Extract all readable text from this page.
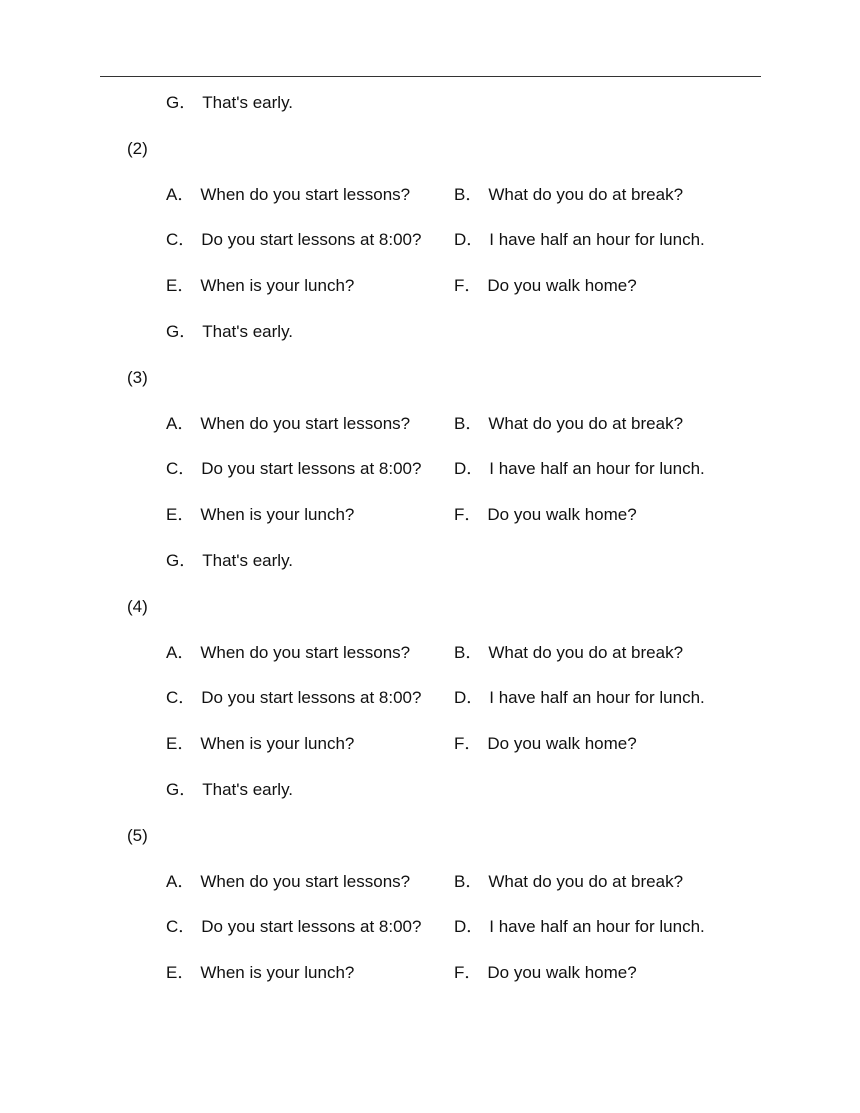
G． That's early.
(2)
A． When do you start lessons?	B． What do you do at break?
C． Do you start lessons at 8:00? D． I have half an hour for lunch.
E． When is your lunch?	F． Do you walk home?
G． That's early.
(3)
A． When do you start lessons?	B． What do you do at break?
C． Do you start lessons at 8:00? D． I have half an hour for lunch.
E． When is your lunch?	F． Do you walk home?
G． That's early.
(4)
A． When do you start lessons?	B． What do you do at break?
C． Do you start lessons at 8:00? D． I have half an hour for lunch.
E． When is your lunch?	F． Do you walk home?
G． That's early.
(5)
A． When do you start lessons?	B． What do you do at break?
C． Do you start lessons at 8:00? D． I have half an hour for lunch.
E． When is your lunch?	F． Do you walk home?
